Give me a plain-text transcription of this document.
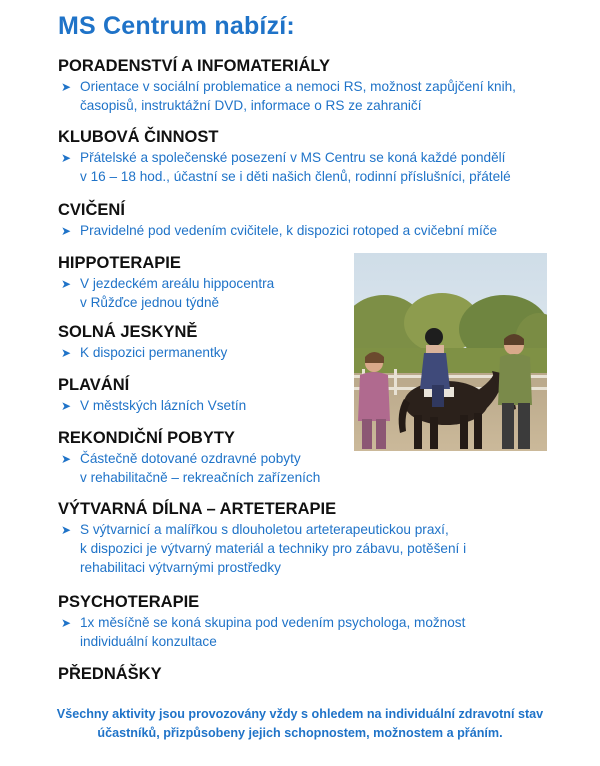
MS Centrum nabízí:
PORADENSTVÍ A INFOMATERIÁLY
➤ Orientace v sociální problematice a nemoci RS, možnost zapůjčení knih,
časopisů, instruktážní DVD, informace o RS ze zahraničí
KLUBOVÁ ČINNOST
➤ Přátelské a společenské posezení v MS Centru se koná každé pondělí
v 16 – 18 hod., účastní se i děti našich členů, rodinní příslušníci, přátelé
CVIČENÍ
➤ Pravidelné pod vedením cvičitele, k dispozici rotoped a cvičební míče
HIPPOTERAPIE
➤ V jezdeckém areálu hippocentra
v Růžďce jednou týdně
SOLNÁ JESKYNĚ
➤ K dispozici permanentky
PLAVÁNÍ
➤ V městských lázních Vsetín
REKONDIČNÍ POBYTY
➤ Částečně dotované ozdravné pobyty
v rehabilitačně – rekreačních zařízeních
VÝTVARNÁ DÍLNA – ARTETERAPIE
➤ S výtvarnicí a malířkou s dlouholetou arteterapeutickou praxí,
k dispozici je výtvarný materiál a techniky pro zábavu, potěšení i
rehabilitaci výtvarnými prostředky
PSYCHOTERAPIE
➤ 1x měsíčně se koná skupina pod vedením psychologa, možnost
individuální konzultace
PŘEDNÁŠKY
Všechny aktivity jsou provozovány vždy s ohledem na individuální zdravotní stav
účastníků, přizpůsobeny jejich schopnostem, možnostem a přáním.
